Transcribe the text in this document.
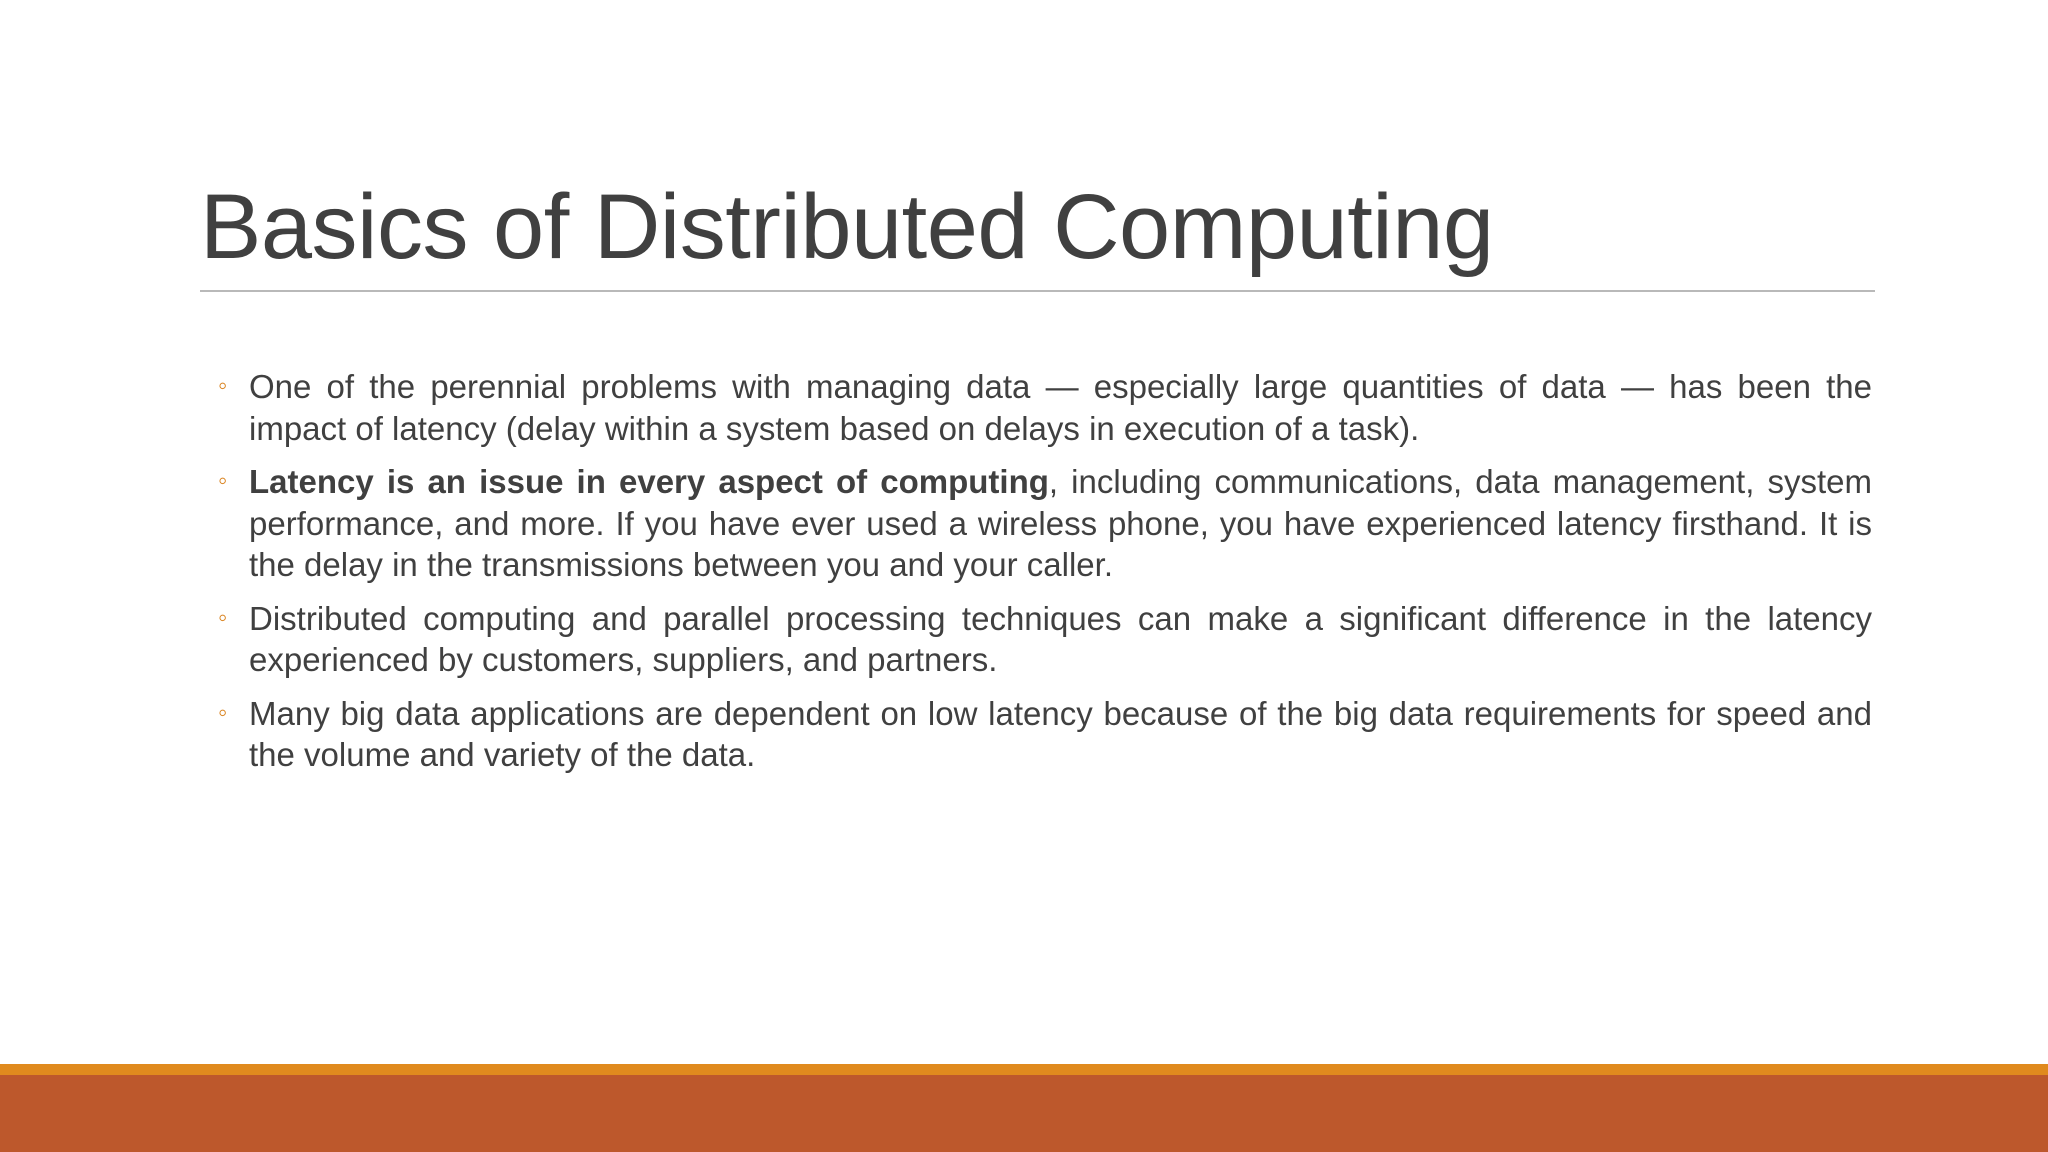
Basics of Distributed Computing
◦ One of the perennial problems with managing data — especially large quantities of data — has been the impact of latency (delay within a system based on delays in execution of a task).
◦ Latency is an issue in every aspect of computing, including communications, data management, system performance, and more. If you have ever used a wireless phone, you have experienced latency firsthand. It is the delay in the transmissions between you and your caller.
◦ Distributed computing and parallel processing techniques can make a significant difference in the latency experienced by customers, suppliers, and partners.
◦ Many big data applications are dependent on low latency because of the big data requirements for speed and the volume and variety of the data.
